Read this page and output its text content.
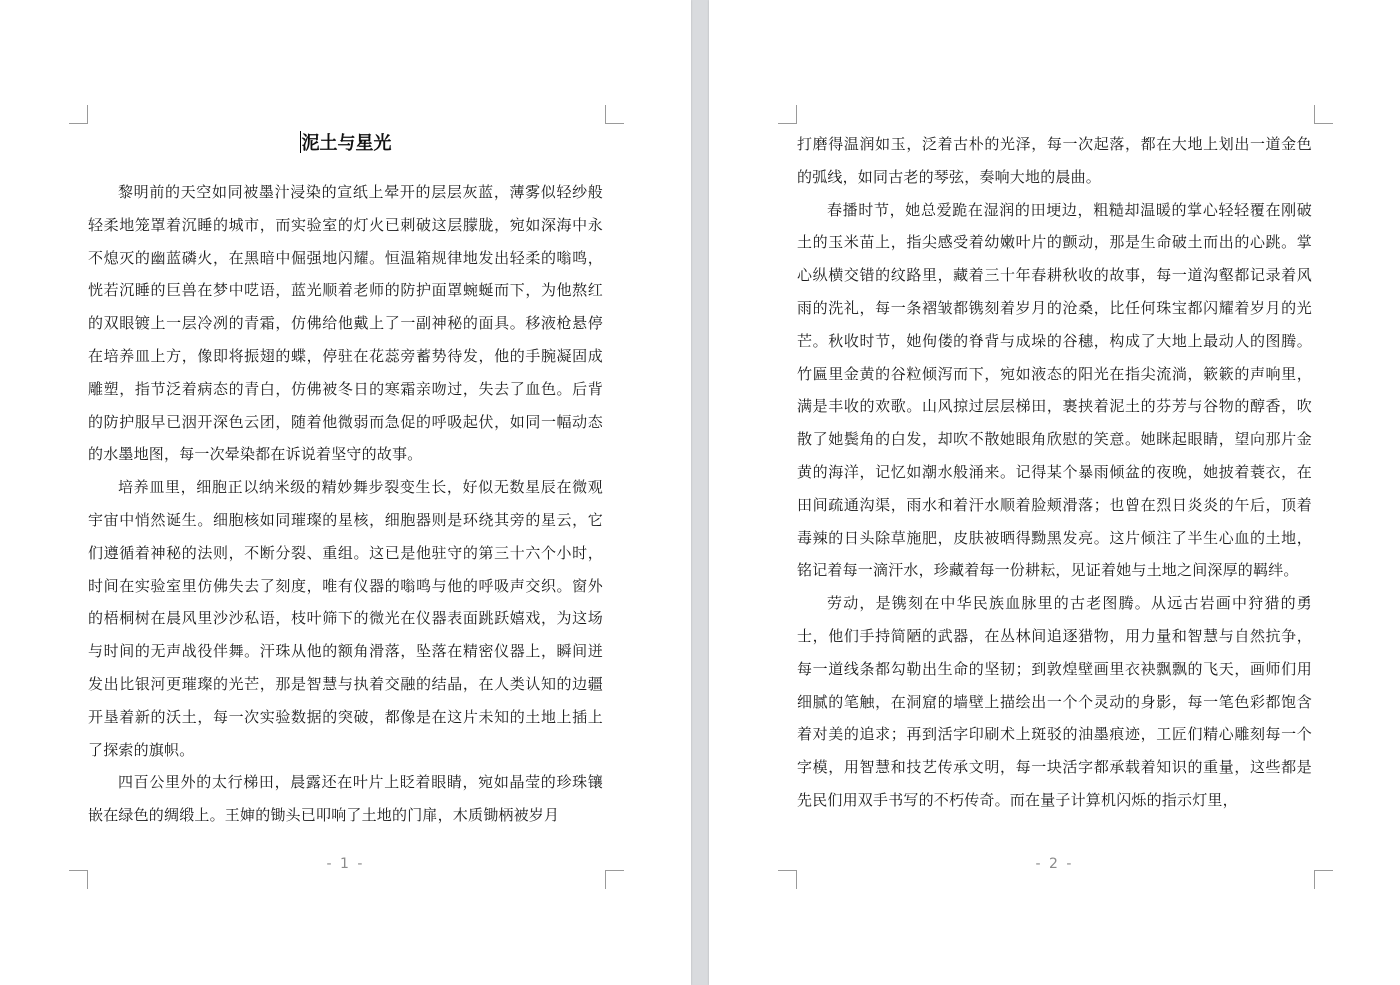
泥土与星光

黎明前的天空如同被墨汁浸染的宣纸上晕开的层层灰蓝，薄雾似轻纱般轻柔地笼罩着沉睡的城市，而实验室的灯火已刺破这层朦胧，宛如深海中永不熄灭的幽蓝磷火，在黑暗中倔强地闪耀。恒温箱规律地发出轻柔的嗡鸣，恍若沉睡的巨兽在梦中呓语，蓝光顺着老师的防护面罩蜿蜒而下，为他熬红的双眼镀上一层冷冽的青霜，仿佛给他戴上了一副神秘的面具。移液枪悬停在培养皿上方，像即将振翅的蝶，停驻在花蕊旁蓄势待发，他的手腕凝固成雕塑，指节泛着病态的青白，仿佛被冬日的寒霜亲吻过，失去了血色。后背的防护服早已洇开深色云团，随着他微弱而急促的呼吸起伏，如同一幅动态的水墨地图，每一次晕染都在诉说着坚守的故事。

培养皿里，细胞正以纳米级的精妙舞步裂变生长，好似无数星辰在微观宇宙中悄然诞生。细胞核如同璀璨的星核，细胞器则是环绕其旁的星云，它们遵循着神秘的法则，不断分裂、重组。这已是他驻守的第三十六个小时，时间在实验室里仿佛失去了刻度，唯有仪器的嗡鸣与他的呼吸声交织。窗外的梧桐树在晨风里沙沙私语，枝叶筛下的微光在仪器表面跳跃嬉戏，为这场与时间的无声战役伴舞。汗珠从他的额角滑落，坠落在精密仪器上，瞬间迸发出比银河更璀璨的光芒，那是智慧与执着交融的结晶，在人类认知的边疆开垦着新的沃土，每一次实验数据的突破，都像是在这片未知的土地上插上了探索的旗帜。

四百公里外的太行梯田，晨露还在叶片上眨着眼睛，宛如晶莹的珍珠镶嵌在绿色的绸缎上。王婶的锄头已叩响了土地的门扉，木质锄柄被岁月

- 1 -

打磨得温润如玉，泛着古朴的光泽，每一次起落，都在大地上划出一道金色的弧线，如同古老的琴弦，奏响大地的晨曲。

春播时节，她总爱跪在湿润的田埂边，粗糙却温暖的掌心轻轻覆在刚破土的玉米苗上，指尖感受着幼嫩叶片的颤动，那是生命破土而出的心跳。掌心纵横交错的纹路里，藏着三十年春耕秋收的故事，每一道沟壑都记录着风雨的洗礼，每一条褶皱都镌刻着岁月的沧桑，比任何珠宝都闪耀着岁月的光芒。秋收时节，她佝偻的脊背与成垛的谷穗，构成了大地上最动人的图腾。竹匾里金黄的谷粒倾泻而下，宛如液态的阳光在指尖流淌，簌簌的声响里，满是丰收的欢歌。山风掠过层层梯田，裹挟着泥土的芬芳与谷物的醇香，吹散了她鬓角的白发，却吹不散她眼角欣慰的笑意。她眯起眼睛，望向那片金黄的海洋，记忆如潮水般涌来。记得某个暴雨倾盆的夜晚，她披着蓑衣，在田间疏通沟渠，雨水和着汗水顺着脸颊滑落；也曾在烈日炎炎的午后，顶着毒辣的日头除草施肥，皮肤被晒得黝黑发亮。这片倾注了半生心血的土地，铭记着每一滴汗水，珍藏着每一份耕耘，见证着她与土地之间深厚的羁绊。

劳动，是镌刻在中华民族血脉里的古老图腾。从远古岩画中狩猎的勇士，他们手持简陋的武器，在丛林间追逐猎物，用力量和智慧与自然抗争，每一道线条都勾勒出生命的坚韧；到敦煌壁画里衣袂飘飘的飞天，画师们用细腻的笔触，在洞窟的墙壁上描绘出一个个灵动的身影，每一笔色彩都饱含着对美的追求；再到活字印刷术上斑驳的油墨痕迹，工匠们精心雕刻每一个字模，用智慧和技艺传承文明，每一块活字都承载着知识的重量，这些都是先民们用双手书写的不朽传奇。而在量子计算机闪烁的指示灯里，

- 2 -
